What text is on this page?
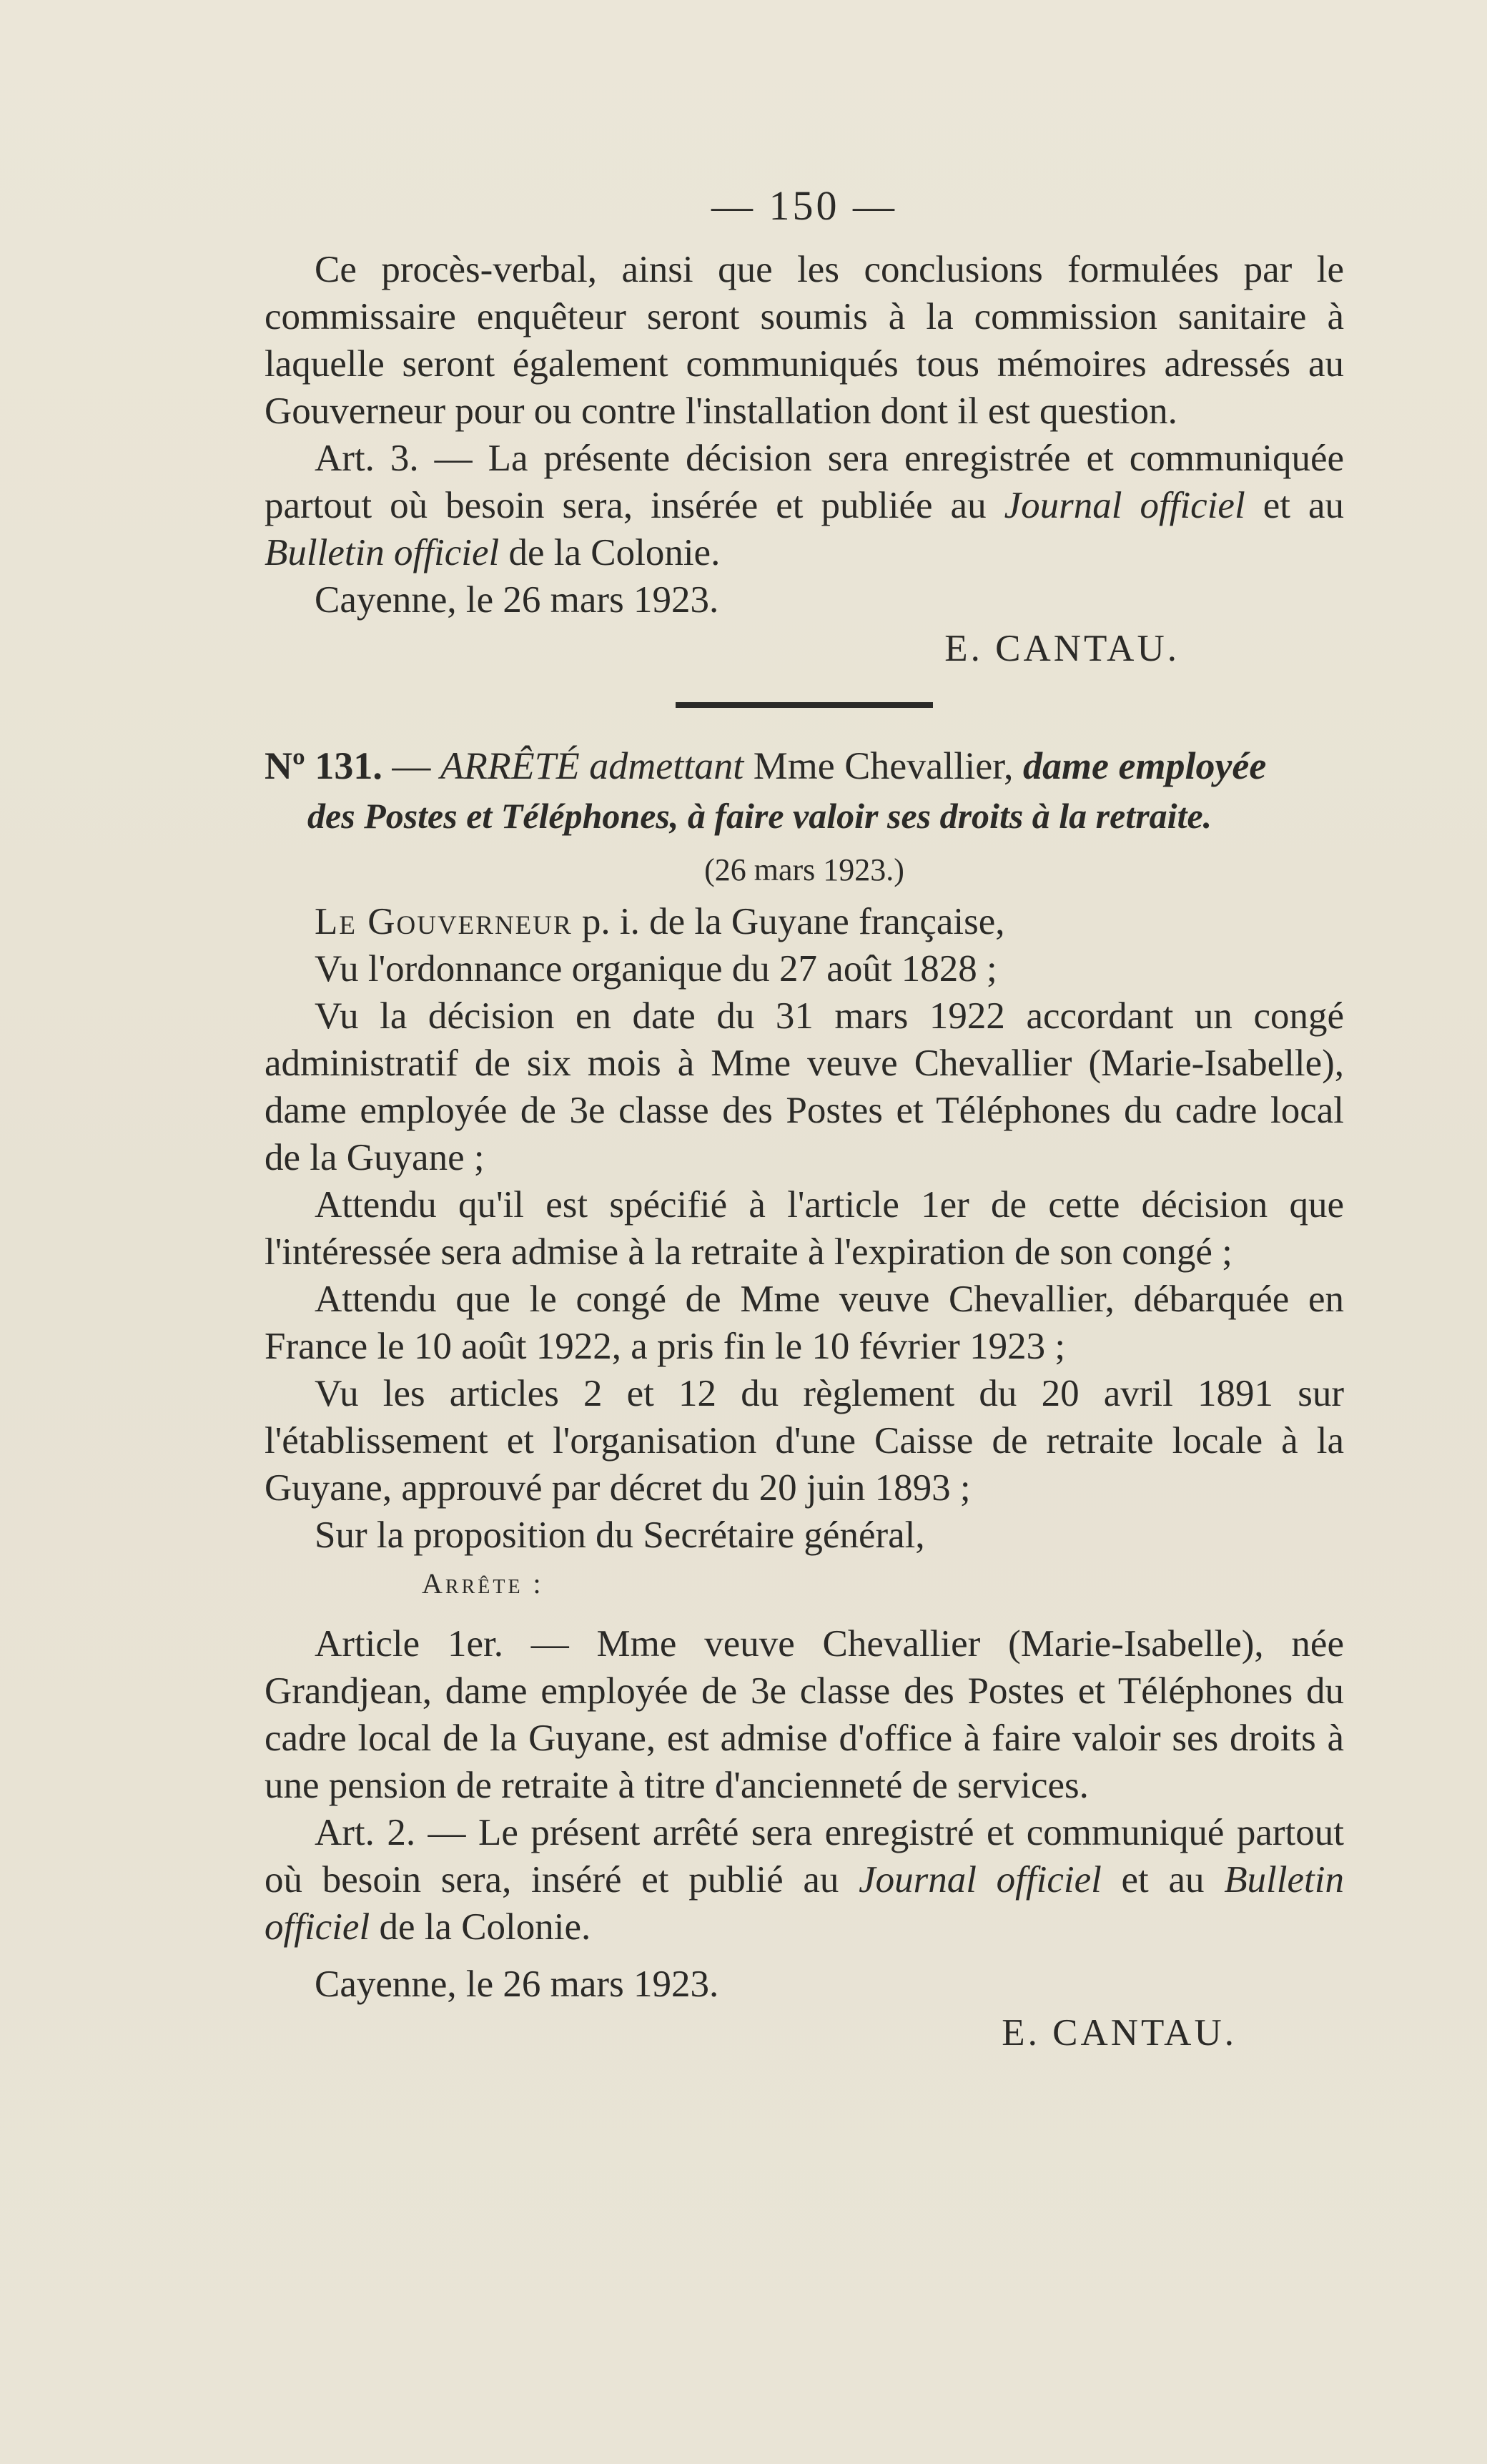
— 150 —

Ce procès-verbal, ainsi que les conclusions formulées par le commissaire enquêteur seront soumis à la commission sanitaire à laquelle seront également communiqués tous mémoires adressés au Gouverneur pour ou contre l'installation dont il est question.

Art. 3. — La présente décision sera enregistrée et communiquée partout où besoin sera, insérée et publiée au Journal officiel et au Bulletin officiel de la Colonie.

Cayenne, le 26 mars 1923.

E. CANTAU.

Nº 131. — ARRÊTÉ admettant Mme Chevallier, dame employée

des Postes et Téléphones, à faire valoir ses droits à la retraite.

(26 mars 1923.)

Le Gouverneur p. i. de la Guyane française,

Vu l'ordonnance organique du 27 août 1828 ;

Vu la décision en date du 31 mars 1922 accordant un congé administratif de six mois à Mme veuve Chevallier (Marie-Isabelle), dame employée de 3e classe des Postes et Téléphones du cadre local de la Guyane ;

Attendu qu'il est spécifié à l'article 1er de cette décision que l'intéressée sera admise à la retraite à l'expiration de son congé ;

Attendu que le congé de Mme veuve Chevallier, débarquée en France le 10 août 1922, a pris fin le 10 février 1923 ;

Vu les articles 2 et 12 du règlement du 20 avril 1891 sur l'établissement et l'organisation d'une Caisse de retraite locale à la Guyane, approuvé par décret du 20 juin 1893 ;

Sur la proposition du Secrétaire général,

Arrête :

Article 1er. — Mme veuve Chevallier (Marie-Isabelle), née Grandjean, dame employée de 3e classe des Postes et Téléphones du cadre local de la Guyane, est admise d'office à faire valoir ses droits à une pension de retraite à titre d'ancienneté de services.

Art. 2. — Le présent arrêté sera enregistré et communiqué partout où besoin sera, inséré et publié au Journal officiel et au Bulletin officiel de la Colonie.

Cayenne, le 26 mars 1923.

E. CANTAU.
